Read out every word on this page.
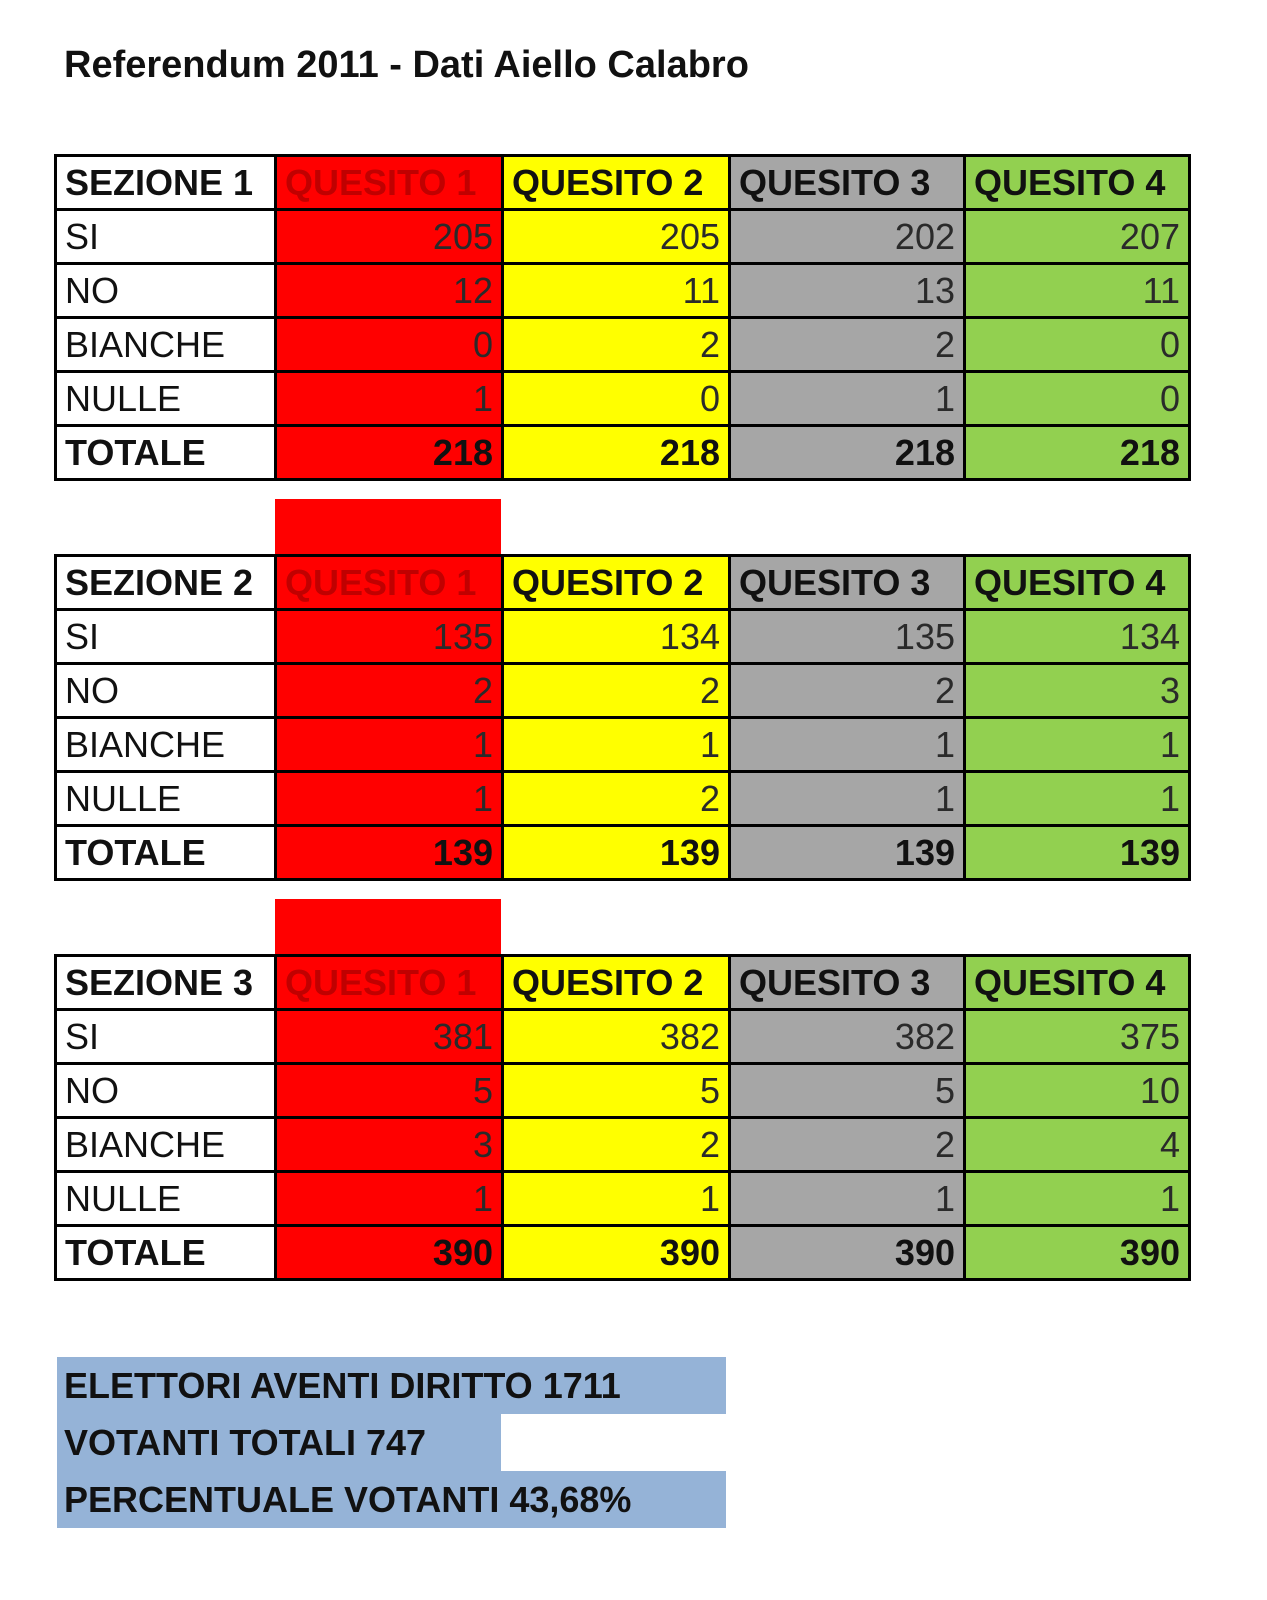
Referendum 2011 - Dati Aiello Calabro
SEZIONE 1	QUESITO 1	QUESITO 2	QUESITO 3	QUESITO 4
SI	205	205	202	207
NO	12	11	13	11
BIANCHE	0	2	2	0
NULLE	1	0	1	0
TOTALE	218	218	218	218
SEZIONE 2	QUESITO 1	QUESITO 2	QUESITO 3	QUESITO 4
SI	135	134	135	134
NO	2	2	2	3
BIANCHE	1	1	1	1
NULLE	1	2	1	1
TOTALE	139	139	139	139
SEZIONE 3	QUESITO 1	QUESITO 2	QUESITO 3	QUESITO 4
SI	381	382	382	375
NO	5	5	5	10
BIANCHE	3	2	2	4
NULLE	1	1	1	1
TOTALE	390	390	390	390
ELETTORI AVENTI DIRITTO 1711
VOTANTI TOTALI 747
PERCENTUALE VOTANTI 43,68%
